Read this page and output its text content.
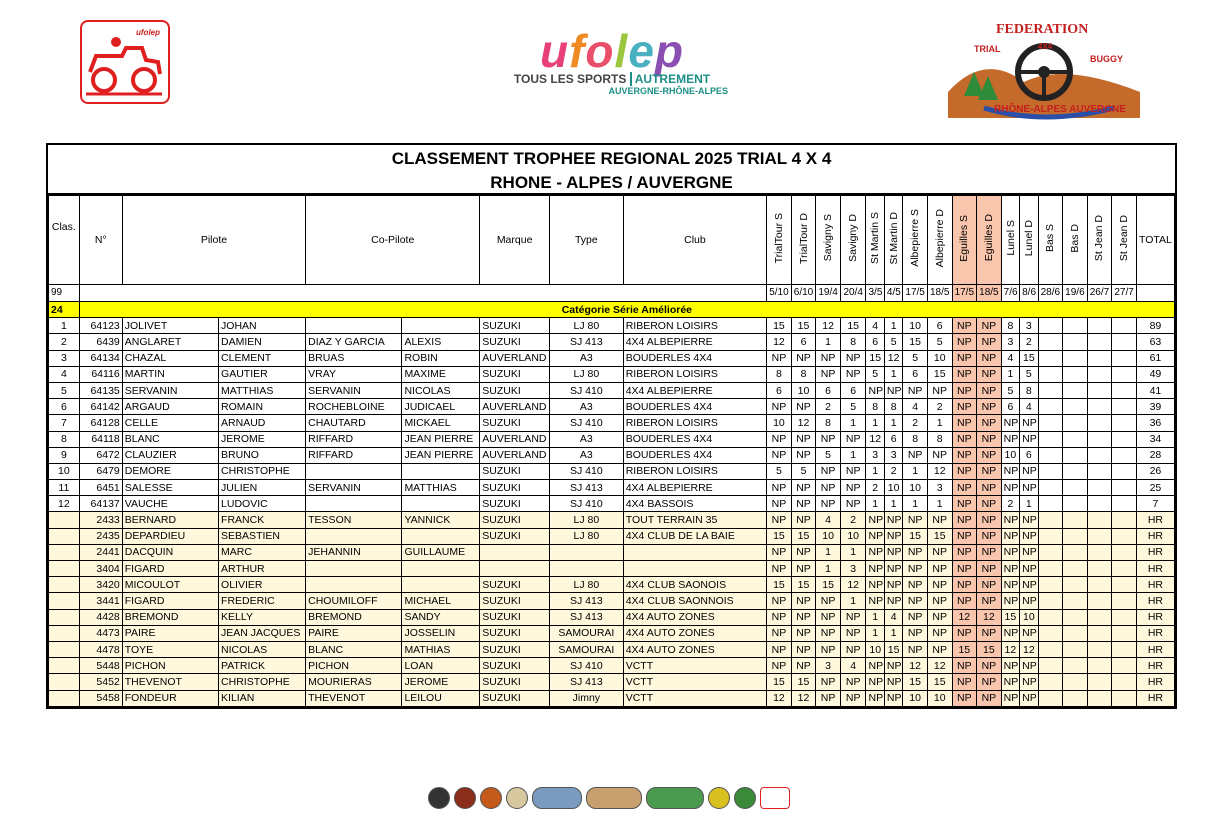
ufolep	ufolep
TOUS LES SPORTS AUTREMENT
AUVERGNE-RHÔNE-ALPES
FEDERATION
TRIAL	4X4
BUGGY
RHÔNE-ALPES AUVERGNE
CLASSEMENT TROPHEE REGIONAL 2025 TRIAL 4 X 4
RHONE - ALPES / AUVERGNE
Clas.	N°	Pilote		Co-Pilote		Marque	Type	Club	TrialTour S	TrialTour D	Savigny S	Savigny D	St Martin S	St Martin D	Albepierre S	Albepierre D	Eguilles S	Eguilles D	Lunel S	Lunel D	Bas S	Bas D	St Jean D	St Jean D	TOTAL
99									5/10	6/10	19/4	20/4	3/5	4/5	17/5	18/5	17/5	18/5	7/6	8/6	28/6	19/6	26/7	27/7	
24	Catégorie Série Améliorée																								
1	64123	JOLIVET	JOHAN			SUZUKI	LJ 80	RIBERON LOISIRS	15	15	12	15	4	1	10	6	NP	NP	8	3					89
2	6439	ANGLARET	DAMIEN	DIAZ Y GARCIA	ALEXIS	SUZUKI	SJ 413	4X4 ALBEPIERRE	12	6	1	8	6	5	15	5	NP	NP	3	2					63
3	64134	CHAZAL	CLEMENT	BRUAS	ROBIN	AUVERLAND	A3	BOUDERLES 4X4	NP	NP	NP	NP	15	12	5	10	NP	NP	4	15					61
4	64116	MARTIN	GAUTIER	VRAY	MAXIME	SUZUKI	LJ 80	RIBERON LOISIRS	8	8	NP	NP	5	1	6	15	NP	NP	1	5					49
5	64135	SERVANIN	MATTHIAS	SERVANIN	NICOLAS	SUZUKI	SJ 410	4X4 ALBEPIERRE	6	10	6	6	NP	NP	NP	NP	NP	NP	5	8					41
6	64142	ARGAUD	ROMAIN	ROCHEBLOINE	JUDICAEL	AUVERLAND	A3	BOUDERLES 4X4	NP	NP	2	5	8	8	4	2	NP	NP	6	4					39
7	64128	CELLE	ARNAUD	CHAUTARD	MICKAEL	SUZUKI	SJ 410	RIBERON LOISIRS	10	12	8	1	1	1	2	1	NP	NP	NP	NP					36
8	64118	BLANC	JEROME	RIFFARD	JEAN PIERRE	AUVERLAND	A3	BOUDERLES 4X4	NP	NP	NP	NP	12	6	8	8	NP	NP	NP	NP					34
9	6472	CLAUZIER	BRUNO	RIFFARD	JEAN PIERRE	AUVERLAND	A3	BOUDERLES 4X4	NP	NP	5	1	3	3	NP	NP	NP	NP	10	6					28
10	6479	DEMORE	CHRISTOPHE			SUZUKI	SJ 410	RIBERON LOISIRS	5	5	NP	NP	1	2	1	12	NP	NP	NP	NP					26
11	6451	SALESSE	JULIEN	SERVANIN	MATTHIAS	SUZUKI	SJ 413	4X4 ALBEPIERRE	NP	NP	NP	NP	2	10	10	3	NP	NP	NP	NP					25
12	64137	VAUCHE	LUDOVIC			SUZUKI	SJ 410	4X4 BASSOIS	NP	NP	NP	NP	1	1	1	1	NP	NP	2	1					7
	2433	BERNARD	FRANCK	TESSON	YANNICK	SUZUKI	LJ 80	TOUT TERRAIN 35	NP	NP	4	2	NP	NP	NP	NP	NP	NP	NP	NP					HR
	2435	DEPARDIEU	SEBASTIEN			SUZUKI	LJ 80	4X4 CLUB DE LA BAIE	15	15	10	10	NP	NP	15	15	NP	NP	NP	NP					HR
	2441	DACQUIN	MARC	JEHANNIN	GUILLAUME				NP	NP	1	1	NP	NP	NP	NP	NP	NP	NP	NP					HR
	3404	FIGARD	ARTHUR						NP	NP	1	3	NP	NP	NP	NP	NP	NP	NP	NP					HR
	3420	MICOULOT	OLIVIER			SUZUKI	LJ 80	4X4 CLUB SAONOIS	15	15	15	12	NP	NP	NP	NP	NP	NP	NP	NP					HR
	3441	FIGARD	FREDERIC	CHOUMILOFF	MICHAEL	SUZUKI	SJ 413	4X4 CLUB SAONNOIS	NP	NP	NP	1	NP	NP	NP	NP	NP	NP	NP	NP					HR
	4428	BREMOND	KELLY	BREMOND	SANDY	SUZUKI	SJ 413	4X4 AUTO ZONES	NP	NP	NP	NP	1	4	NP	NP	12	12	15	10					HR
	4473	PAIRE	JEAN JACQUES	PAIRE	JOSSELIN	SUZUKI	SAMOURAI	4X4 AUTO ZONES	NP	NP	NP	NP	1	1	NP	NP	NP	NP	NP	NP					HR
	4478	TOYE	NICOLAS	BLANC	MATHIAS	SUZUKI	SAMOURAI	4X4 AUTO ZONES	NP	NP	NP	NP	10	15	NP	NP	15	15	12	12					HR
	5448	PICHON	PATRICK	PICHON	LOAN	SUZUKI	SJ 410	VCTT	NP	NP	3	4	NP	NP	12	12	NP	NP	NP	NP					HR
	5452	THEVENOT	CHRISTOPHE	MOURIERAS	JEROME	SUZUKI	SJ 413	VCTT	15	15	NP	NP	NP	NP	15	15	NP	NP	NP	NP					HR
	5458	FONDEUR	KILIAN	THEVENOT	LEILOU	SUZUKI	Jimny	VCTT	12	12	NP	NP	NP	NP	10	10	NP	NP	NP	NP					HR
